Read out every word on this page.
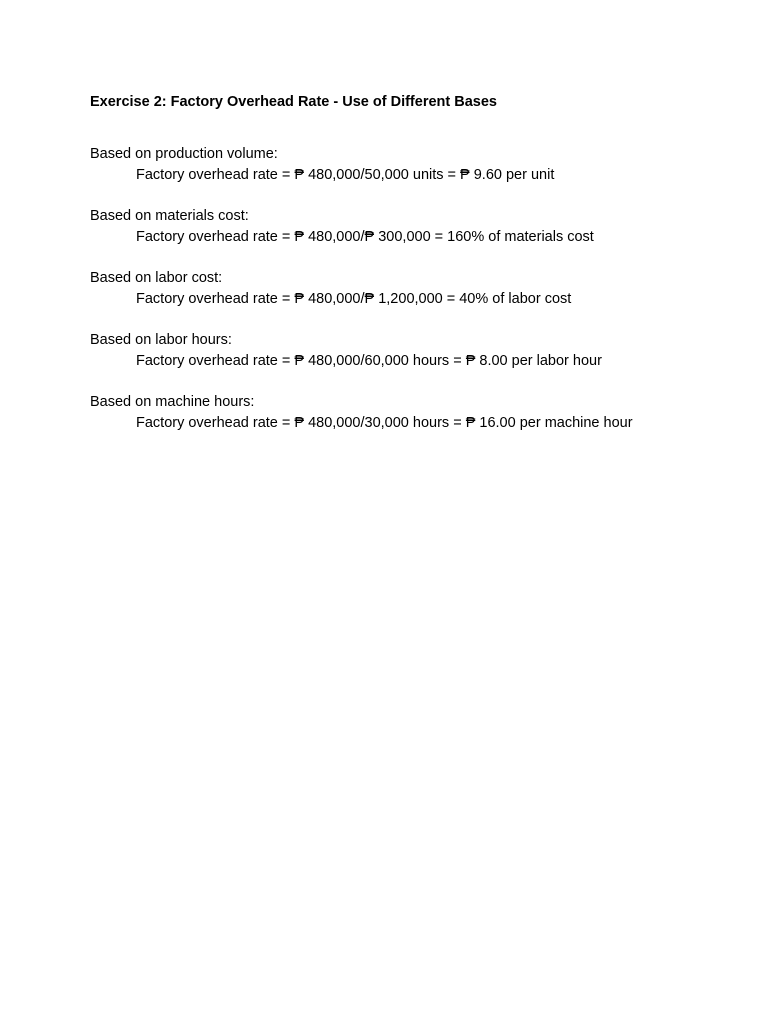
Exercise 2: Factory Overhead Rate - Use of Different Bases
Based on production volume:
Factory overhead rate = ₱ 480,000/50,000 units = ₱ 9.60 per unit
Based on materials cost:
Factory overhead rate = ₱ 480,000/₱ 300,000 = 160% of materials cost
Based on labor cost:
Factory overhead rate = ₱ 480,000/₱ 1,200,000 = 40% of labor cost
Based on labor hours:
Factory overhead rate = ₱ 480,000/60,000 hours = ₱ 8.00 per labor hour
Based on machine hours:
Factory overhead rate = ₱ 480,000/30,000 hours = ₱ 16.00 per machine hour
